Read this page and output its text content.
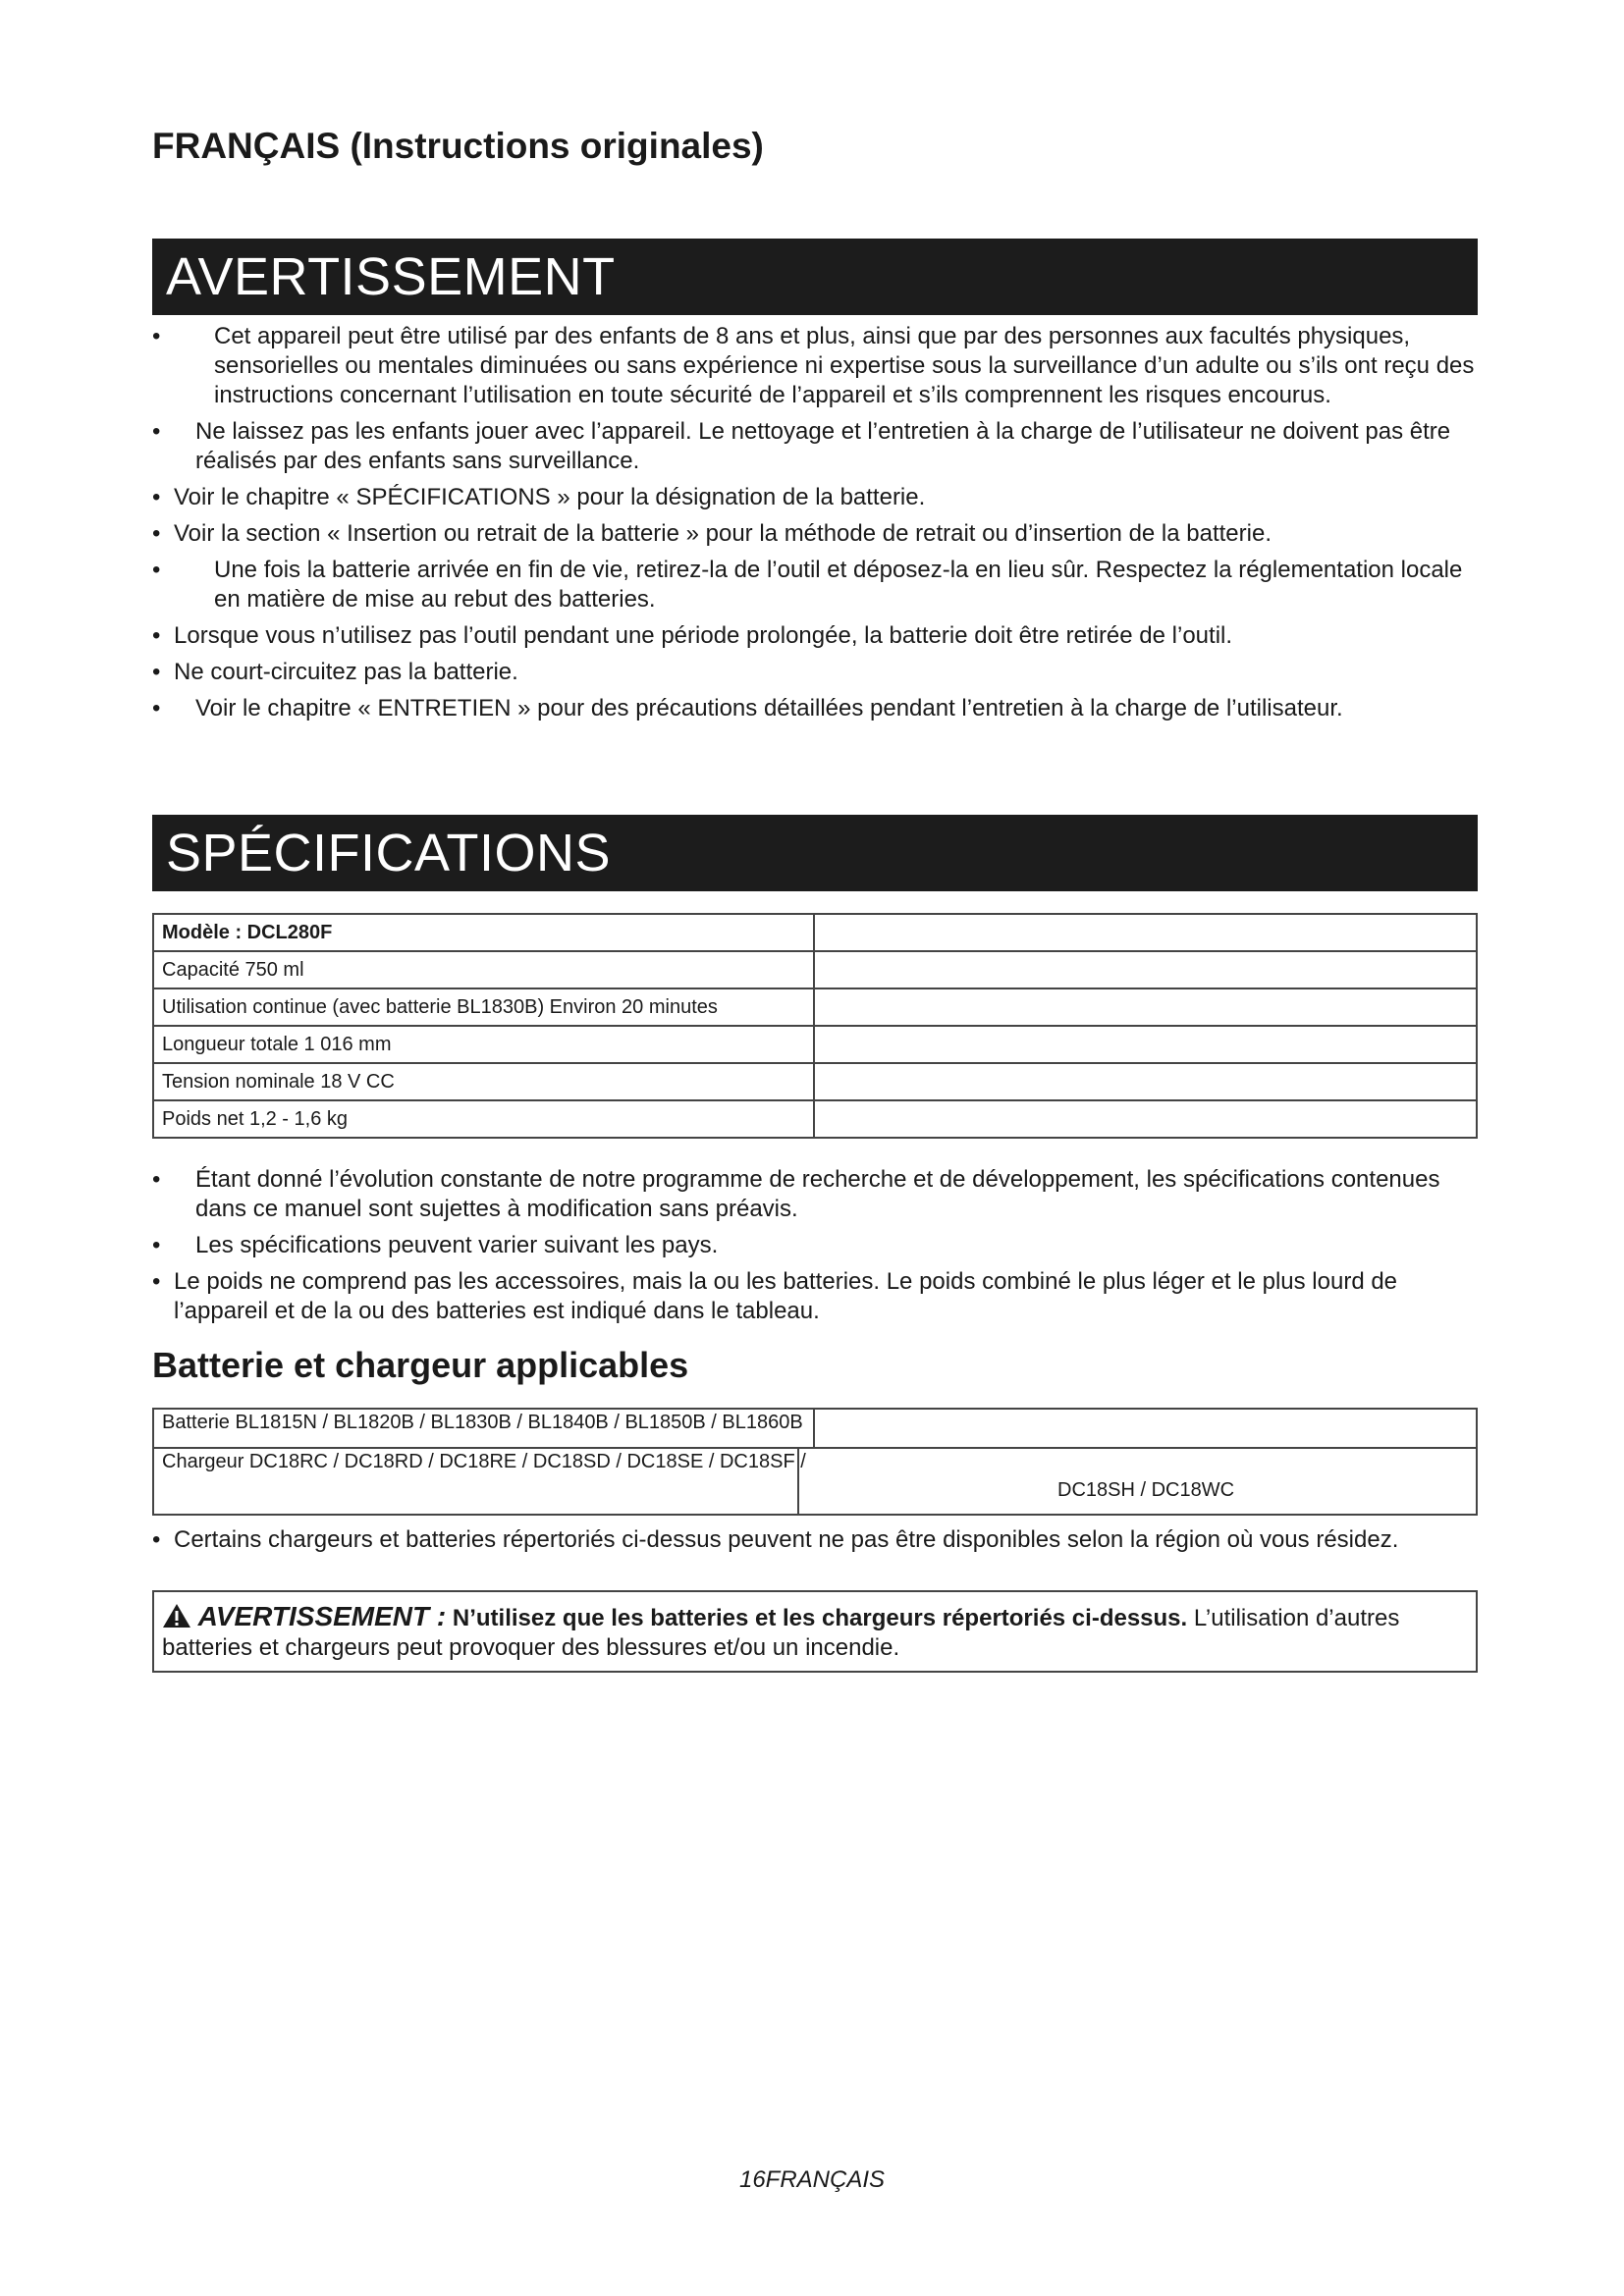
FRANÇAIS (Instructions originales)
AVERTISSEMENT
• Cet appareil peut être utilisé par des enfants de 8 ans et plus, ainsi que par des personnes aux facultés physiques, sensorielles ou mentales diminuées ou sans expérience ni expertise sous la surveillance d’un adulte ou s’ils ont reçu des instructions concernant l’utilisation en toute sécurité de l’appareil et s’ils comprennent les risques encourus.
• Ne laissez pas les enfants jouer avec l’appareil. Le nettoyage et l’entretien à la charge de l’utilisateur ne doivent pas être réalisés par des enfants sans surveillance.
• Voir le chapitre « SPÉCIFICATIONS » pour la désignation de la batterie.
• Voir la section « Insertion ou retrait de la batterie » pour la méthode de retrait ou d’insertion de la batterie.
• Une fois la batterie arrivée en fin de vie, retirez-la de l’outil et déposez-la en lieu sûr. Respectez la réglementation locale en matière de mise au rebut des batteries.
• Lorsque vous n’utilisez pas l’outil pendant une période prolongée, la batterie doit être retirée de l’outil.
• Ne court-circuitez pas la batterie.
• Voir le chapitre « ENTRETIEN » pour des précautions détaillées pendant l’entretien à la charge de l’utilisateur.
SPÉCIFICATIONS
Modèle : DCL280F	
Capacité 750 ml	
Utilisation continue (avec batterie BL1830B) Environ 20 minutes	
Longueur totale 1 016 mm	
Tension nominale 18 V CC	
Poids net 1,2 - 1,6 kg	
• Étant donné l’évolution constante de notre programme de recherche et de développement, les spécifications contenues dans ce manuel sont sujettes à modification sans préavis.
• Les spécifications peuvent varier suivant les pays.
• Le poids ne comprend pas les accessoires, mais la ou les batteries. Le poids combiné le plus léger et le plus lourd de l’appareil et de la ou des batteries est indiqué dans le tableau.
Batterie et chargeur applicables
Batterie BL1815N / BL1820B / BL1830B / BL1840B / BL1850B / BL1860B	

Chargeur DC18RC / DC18RD / DC18RE / DC18SD / DC18SE / DC18SF /
DC18SH / DC18WC
• Certains chargeurs et batteries répertoriés ci-dessus peuvent ne pas être disponibles selon la région où vous résidez.
AVERTISSEMENT : N’utilisez que les batteries et les chargeurs répertoriés ci-dessus. L’utilisation d’autres batteries et chargeurs peut provoquer des blessures et/ou un incendie.
16FRANÇAIS
